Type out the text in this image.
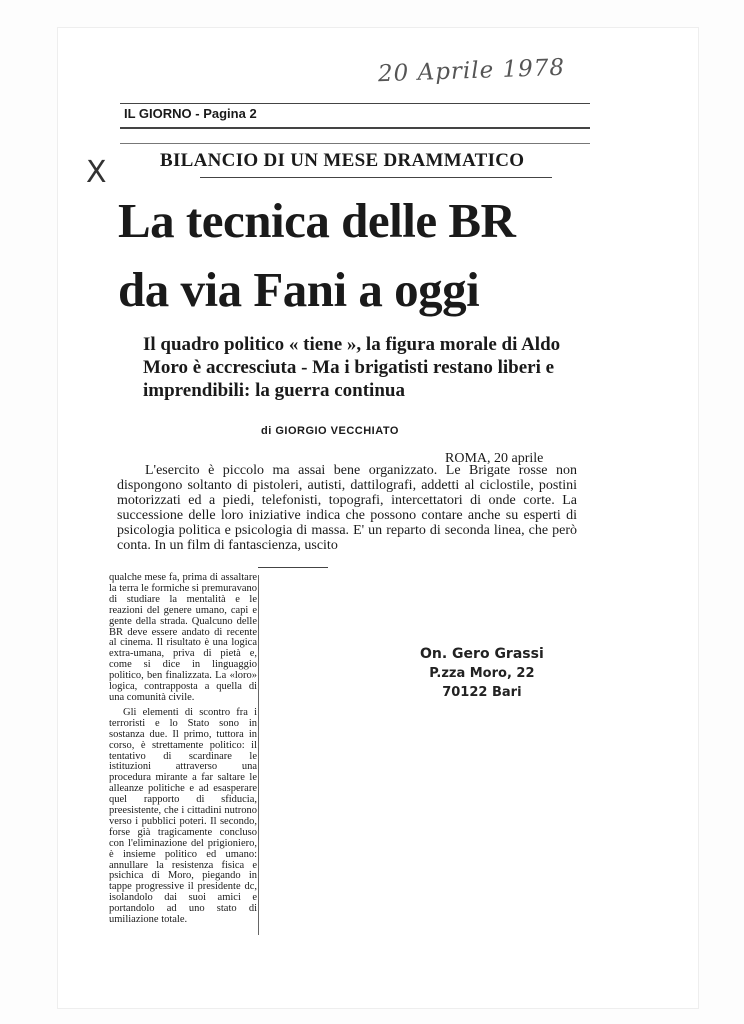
20 Aprile 1978
X
IL GIORNO - Pagina 2
BILANCIO DI UN MESE DRAMMATICO
La tecnica delle BR
da via Fani a oggi
Il quadro politico « tiene », la figura morale di Aldo Moro è accresciuta - Ma i brigatisti restano liberi e imprendibili: la guerra continua
di GIORGIO VECCHIATO
ROMA, 20 aprile

L'esercito è piccolo ma assai bene organizzato. Le Brigate rosse non dispongono soltanto di pistoleri, autisti, dattilografi, addetti al ciclostile, postini motorizzati ed a piedi, telefonisti, topografi, intercettatori di onde corte. La successione delle loro iniziative indica che possono contare anche su esperti di psicologia politica e psicologia di massa. E' un reparto di seconda linea, che però conta. In un film di fantascienza, uscito

qualche mese fa, prima di assaltare la terra le formiche si premuravano di studiare la mentalità e le reazioni del genere umano, capi e gente della strada. Qualcuno delle BR deve essere andato di recente al cinema. Il risultato è una logica extra-umana, priva di pietà e, come si dice in linguaggio politico, ben finalizzata. La «loro» logica, contrapposta a quella di una comunità civile.

Gli elementi di scontro fra i terroristi e lo Stato sono in sostanza due. Il primo, tuttora in corso, è strettamente politico: il tentativo di scardinare le istituzioni attraverso una procedura mirante a far saltare le alleanze politiche e ad esasperare quel rapporto di sfiducia, preesistente, che i cittadini nutrono verso i pubblici poteri. Il secondo, forse già tragicamente concluso con l'eliminazione del prigioniero, è insieme politico ed umano: annullare la resistenza fisica e psichica di Moro, piegando in tappe progressive il presidente dc, isolandolo dai suoi amici e portandolo ad uno stato di umiliazione totale.

On. Gero Grassi
P.zza Moro, 22
70122 Bari
